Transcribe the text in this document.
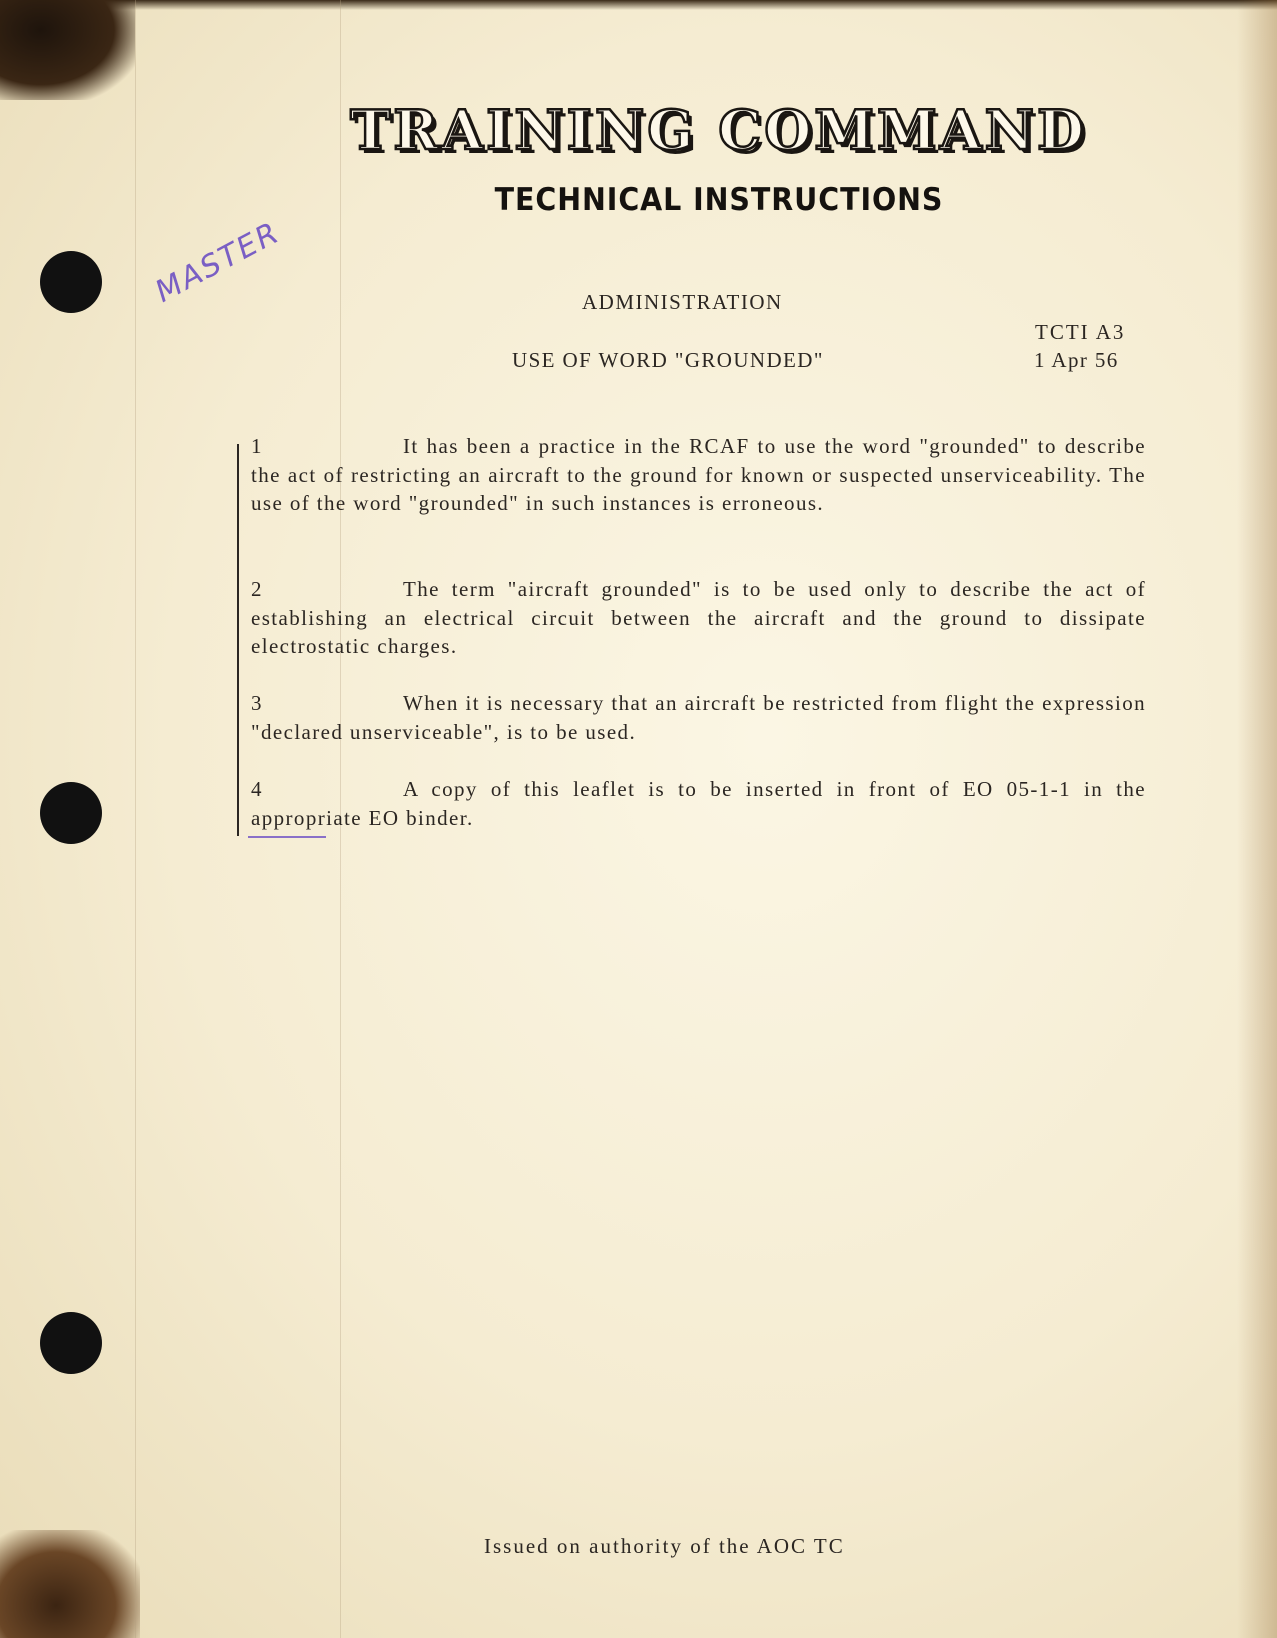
TRAINING COMMAND
TECHNICAL INSTRUCTIONS
MASTER	ADMINISTRATION
TCTI A3
USE OF WORD "GROUNDED"	1 Apr 56
1	It has been a practice in the RCAF to use the word "grounded" to describe the act of restricting an aircraft to the ground for known or suspected unserviceability. The use of the word "grounded" in such instances is erroneous.
2	The term "aircraft grounded" is to be used only to describe the act of establishing an electrical circuit between the aircraft and the ground to dissipate electrostatic charges.
3	When it is necessary that an aircraft be restricted from flight the expression "declared unserviceable", is to be used.
4	A copy of this leaflet is to be inserted in front of EO 05-1-1 in the appropriate EO binder.
Issued on authority of the AOC TC
